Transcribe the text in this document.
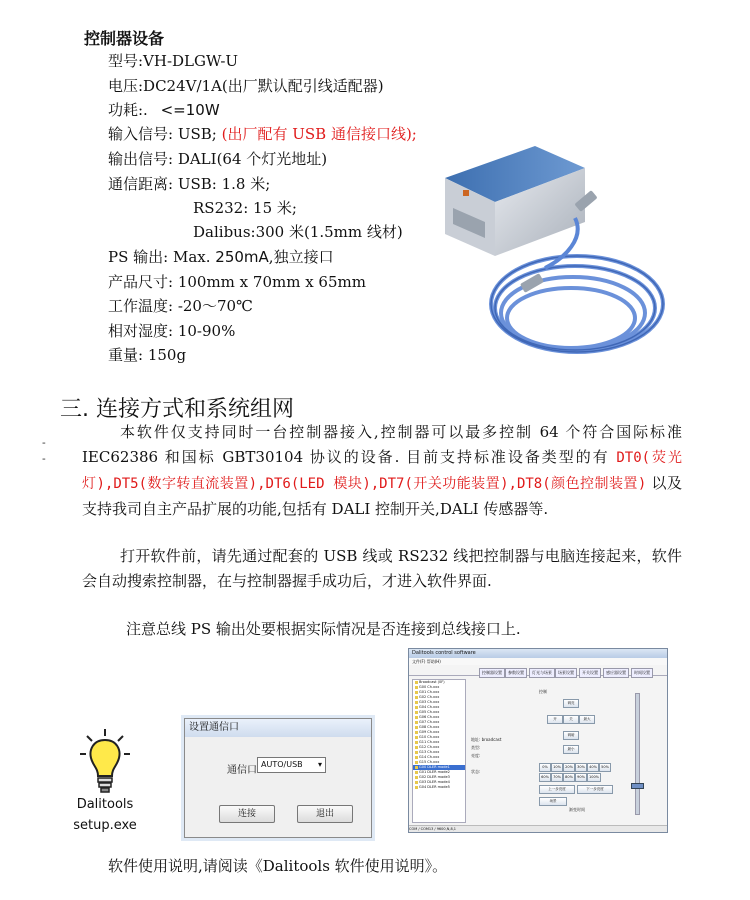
控制器设备
型号:VH-DLGW-U
电压:DC24V/1A(出厂默认配引线适配器)
功耗:. <=10W
输入信号: USB; (出厂配有 USB 通信接口线);
输出信号: DALI(64 个灯光地址)
通信距离: USB: 1.8 米;
RS232: 15 米;
Dalibus:300 米(1.5mm 线材)
PS 输出: Max. 250mA,独立接口
产品尺寸: 100mm x 70mm x 65mm
工作温度: -20～70℃
相对湿度: 10-90%
重量: 150g
三. 连接方式和系统组网
-
-
本软件仅支持同时一台控制器接入,控制器可以最多控制 64 个符合国际标准 IEC62386 和国标 GBT30104 协议的设备. 目前支持标准设备类型的有 DT0(荧光灯),DT5(数字转直流装置),DT6(LED 模块),DT7(开关功能装置),DT8(颜色控制装置) 以及支持我司自主产品扩展的功能,包括有 DALI 控制开关,DALI 传感器等.
打开软件前，请先通过配套的 USB 线或 RS232 线把控制器与电脑连接起来，软件会自动搜索控制器，在与控制器握手成功后，才进入软件界面.
注意总线 PS 输出处要根据实际情况是否连接到总线接口上.
Dalitools
setup.exe
设置通信口
通信口
AUTO/USB ▾
连接	退出
Dalitools control software
文件(F) 帮助(H)
控制器设置	参数设置	灯光与场景	场景设置	开关设置	感应器设置	时间设置
Broadcast (0F)
G00 Ch.xxx
G01 Ch.xxx
G02 Ch.xxx
G03 Ch.xxx
G04 Ch.xxx
G05 Ch.xxx
G06 Ch.xxx
G07 Ch.xxx
G08 Ch.xxx
G09 Ch.xxx
G10 Ch.xxx
G11 Ch.xxx
G12 Ch.xxx
G13 Ch.xxx
G14 Ch.xxx
G15 Ch.xxx
G00 DLER mode1
G01 DLER mode2
G02 DLER mode3
G03 DLER mode4
G04 DLER mode5
控制
地址: broadcast
类型:
亮度:
状态:
调亮
开	关	最大
调暗
最小
0%	10%	20%	30%	40%	50%
60%	70%	80%	90%	100%
上一步亮度	下一步亮度
场景
渐变时间
COM / COM13 / 9600,N,8,1
软件使用说明,请阅读《Dalitools 软件使用说明》。
